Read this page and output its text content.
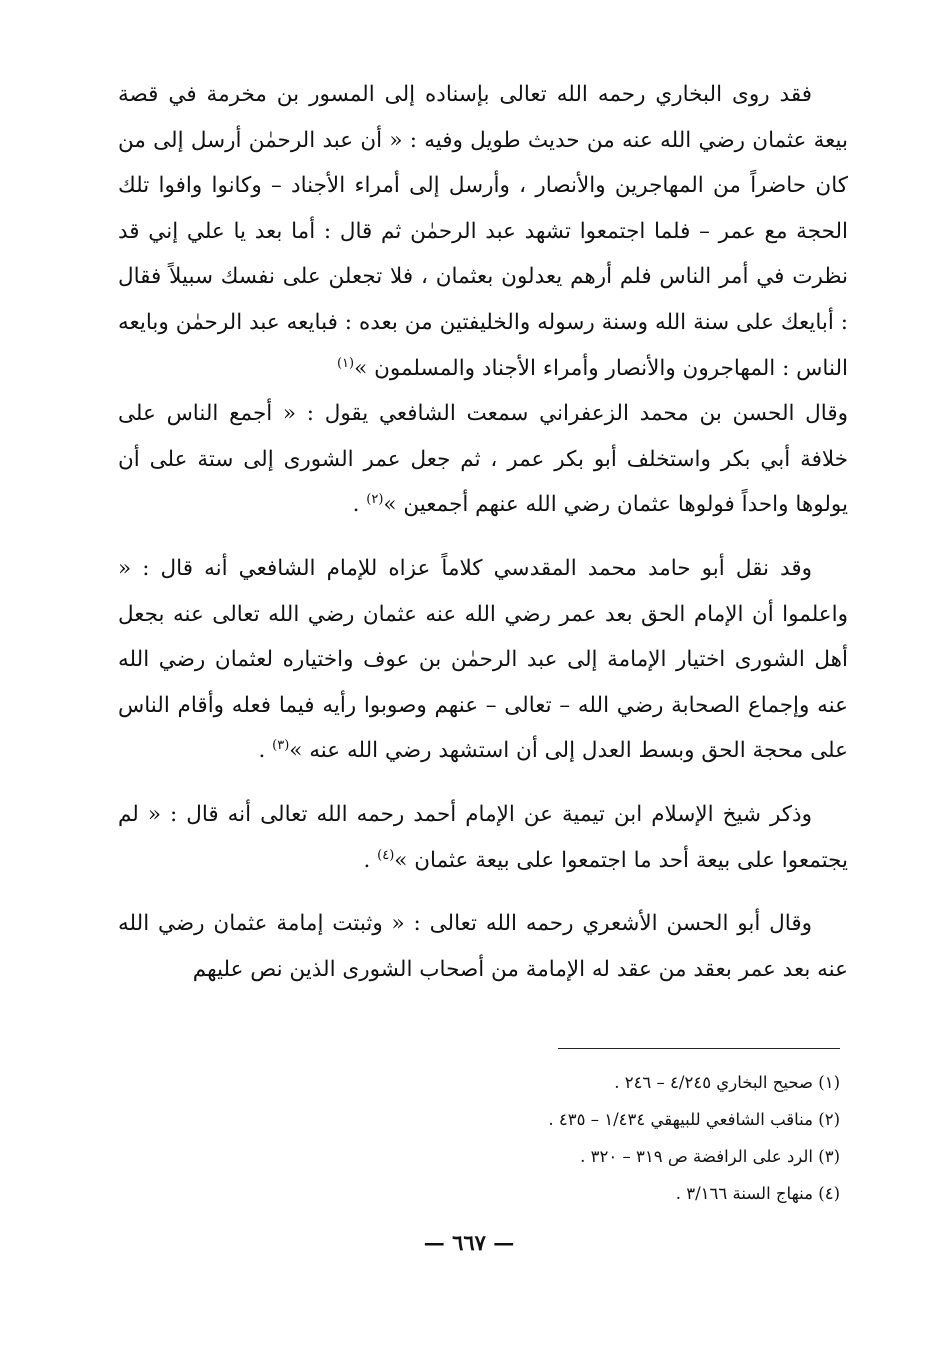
فقد روى البخاري رحمه الله تعالى بإسناده إلى المسور بن مخرمة في قصة بيعة عثمان رضي الله عنه من حديث طويل وفيه : « أن عبد الرحمٰن أرسل إلى من كان حاضراً من المهاجرين والأنصار ، وأرسل إلى أمراء الأجناد – وكانوا وافوا تلك الحجة مع عمر – فلما اجتمعوا تشهد عبد الرحمٰن ثم قال : أما بعد يا علي إني قد نظرت في أمر الناس فلم أرهم يعدلون بعثمان ، فلا تجعلن على نفسك سبيلاً فقال : أبايعك على سنة الله وسنة رسوله والخليفتين من بعده : فبايعه عبد الرحمٰن وبايعه الناس : المهاجرون والأنصار وأمراء الأجناد والمسلمون »$^{(١)}$

وقال الحسن بن محمد الزعفراني سمعت الشافعي يقول : « أجمع الناس على خلافة أبي بكر واستخلف أبو بكر عمر ، ثم جعل عمر الشورى إلى ستة على أن يولوها واحداً فولوها عثمان رضي الله عنهم أجمعين »$^{(٢)}$ .

وقد نقل أبو حامد محمد المقدسي كلاماً عزاه للإمام الشافعي أنه قال : « واعلموا أن الإمام الحق بعد عمر رضي الله عنه عثمان رضي الله تعالى عنه بجعل أهل الشورى اختيار الإمامة إلى عبد الرحمٰن بن عوف واختياره لعثمان رضي الله عنه وإجماع الصحابة رضي الله – تعالى – عنهم وصوبوا رأيه فيما فعله وأقام الناس على محجة الحق وبسط العدل إلى أن استشهد رضي الله عنه »$^{(٣)}$ .

وذكر شيخ الإسلام ابن تيمية عن الإمام أحمد رحمه الله تعالى أنه قال : « لم يجتمعوا على بيعة أحد ما اجتمعوا على بيعة عثمان »$^{(٤)}$ .

وقال أبو الحسن الأشعري رحمه الله تعالى : « وثبتت إمامة عثمان رضي الله عنه بعد عمر بعقد من عقد له الإمامة من أصحاب الشورى الذين نص عليهم

(١) صحيح البخاري ٤/٢٤٥ – ٢٤٦ .
(٢) مناقب الشافعي للبيهقي ١/٤٣٤ – ٤٣٥ .
(٣) الرد على الرافضة ص ٣١٩ – ٣٢٠ .
(٤) منهاج السنة ٣/١٦٦ .
— ٦٦٧ —
